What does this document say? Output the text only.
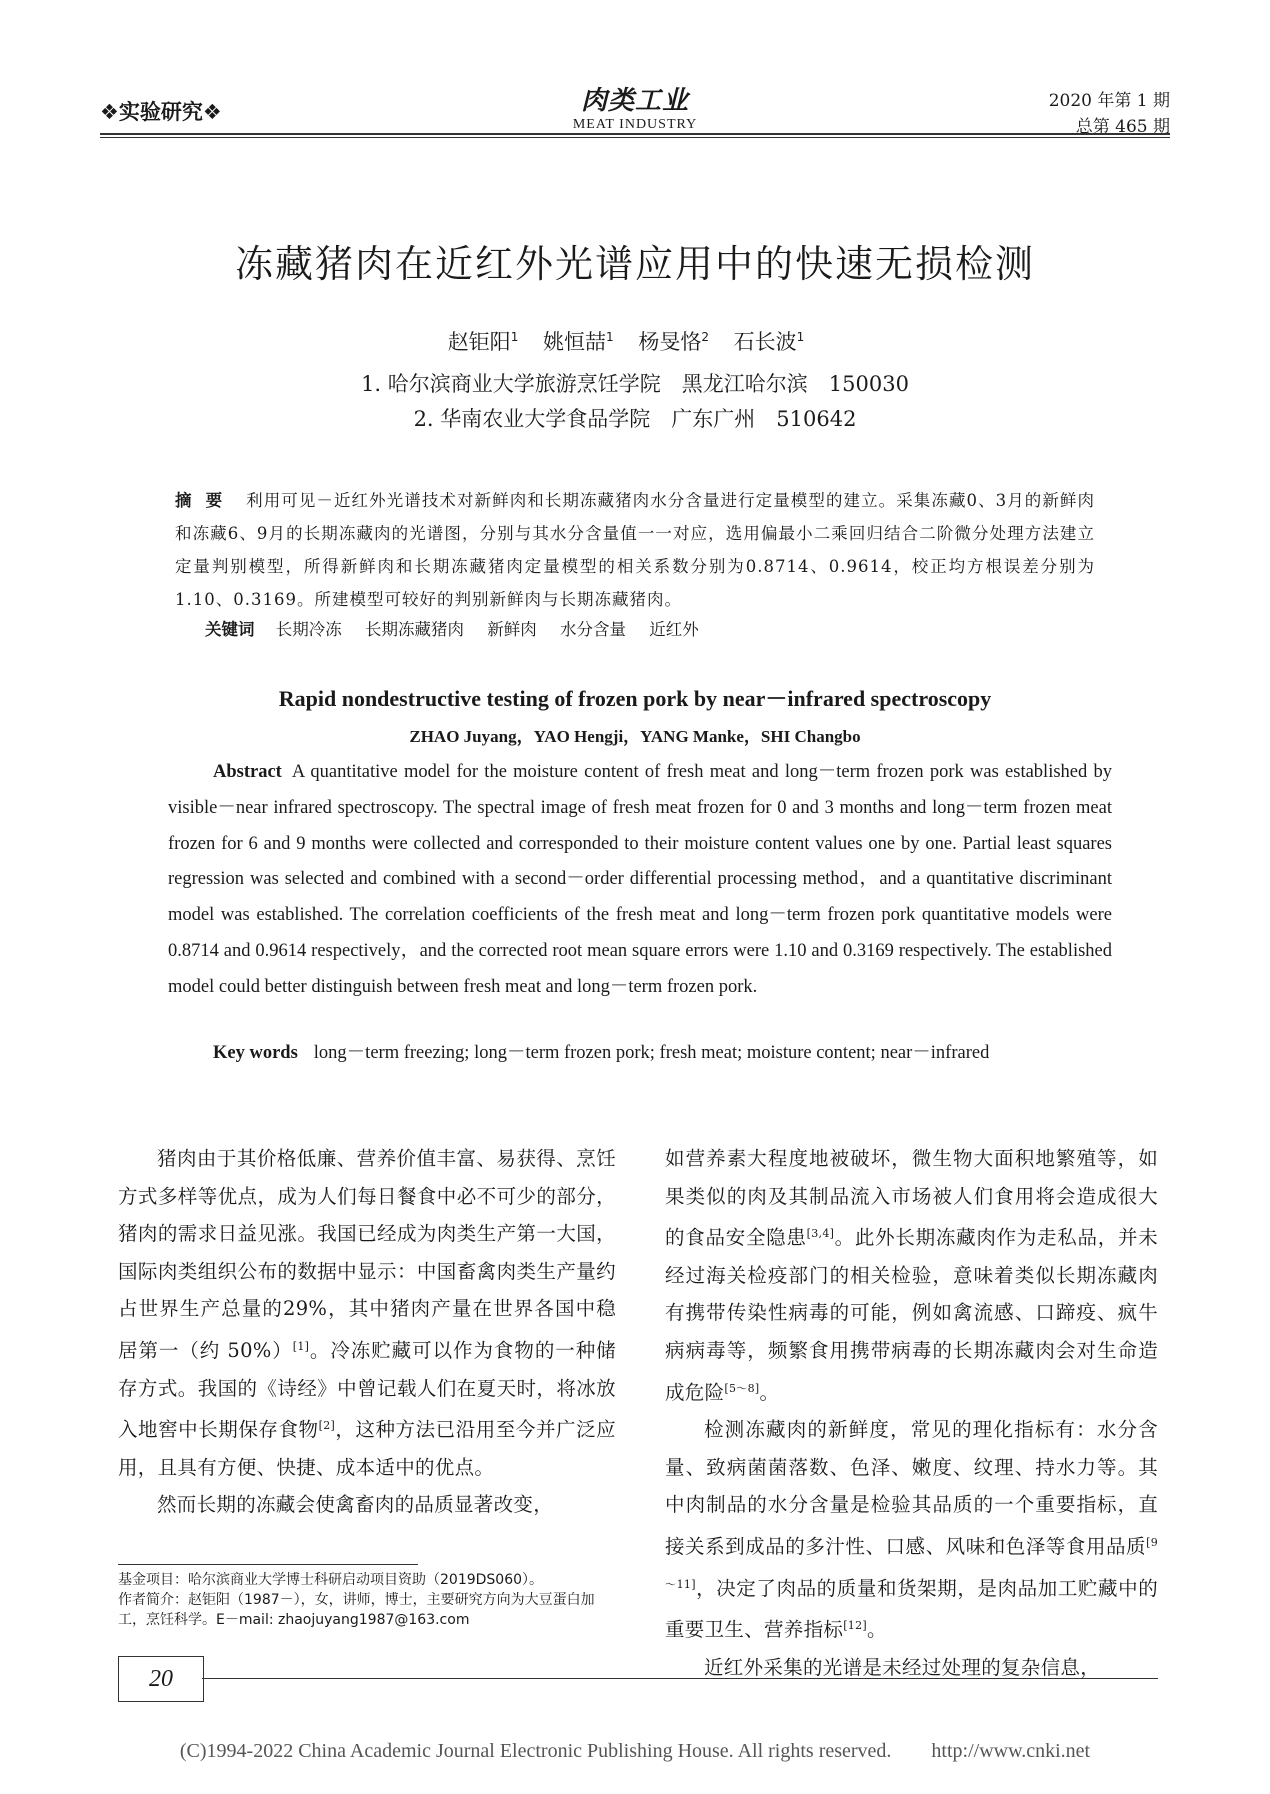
❖实验研究❖	肉类工业
MEAT INDUSTRY
2020 年第 1 期
总第 465 期
冻藏猪肉在近红外光谱应用中的快速无损检测
赵钜阳$^1$ 姚恒喆$^1$ 杨旻恪$^2$ 石长波$^1$
1. 哈尔滨商业大学旅游烹饪学院　黑龙江哈尔滨　150030
2. 华南农业大学食品学院　广东广州　510642
摘要 利用可见－近红外光谱技术对新鲜肉和长期冻藏猪肉水分含量进行定量模型的建立。采集冻藏0、3月的新鲜肉和冻藏6、9月的长期冻藏肉的光谱图，分别与其水分含量值一一对应，选用偏最小二乘回归结合二阶微分处理方法建立定量判别模型，所得新鲜肉和长期冻藏猪肉定量模型的相关系数分别为0.8714、0.9614，校正均方根误差分别为1.10、0.3169。所建模型可较好的判别新鲜肉与长期冻藏猪肉。
关键词 长期冷冻 长期冻藏猪肉 新鲜肉 水分含量 近红外
Rapid nondestructive testing of frozen pork by near－infrared spectroscopy
ZHAO Juyang，YAO Hengji，YANG Manke，SHI Changbo
Abstract A quantitative model for the moisture content of fresh meat and long－term frozen pork was established by visible－near infrared spectroscopy. The spectral image of fresh meat frozen for 0 and 3 months and long－term frozen meat frozen for 6 and 9 months were collected and corresponded to their moisture content values one by one. Partial least squares regression was selected and combined with a second－order differential processing method，and a quantitative discriminant model was established. The correlation coefficients of the fresh meat and long－term frozen pork quantitative models were 0.8714 and 0.9614 respectively，and the corrected root mean square errors were 1.10 and 0.3169 respectively. The established model could better distinguish between fresh meat and long－term frozen pork.
Key words long－term freezing; long－term frozen pork; fresh meat; moisture content; near－infrared

猪肉由于其价格低廉、营养价值丰富、易获得、烹饪方式多样等优点，成为人们每日餐食中必不可少的部分，猪肉的需求日益见涨。我国已经成为肉类生产第一大国，国际肉类组织公布的数据中显示：中国畜禽肉类生产量约占世界生产总量的29%，其中猪肉产量在世界各国中稳居第一（约 50%）[1]。冷冻贮藏可以作为食物的一种储存方式。我国的《诗经》中曾记载人们在夏天时，将冰放入地窖中长期保存食物[2]，这种方法已沿用至今并广泛应用，且具有方便、快捷、成本适中的优点。

然而长期的冻藏会使禽畜肉的品质显著改变，

如营养素大程度地被破坏，微生物大面积地繁殖等，如果类似的肉及其制品流入市场被人们食用将会造成很大的食品安全隐患[3,4]。此外长期冻藏肉作为走私品，并未经过海关检疫部门的相关检验，意味着类似长期冻藏肉有携带传染性病毒的可能，例如禽流感、口蹄疫、疯牛病病毒等，频繁食用携带病毒的长期冻藏肉会对生命造成危险[5～8]。

检测冻藏肉的新鲜度，常见的理化指标有：水分含量、致病菌菌落数、色泽、嫩度、纹理、持水力等。其中肉制品的水分含量是检验其品质的一个重要指标，直接关系到成品的多汁性、口感、风味和色泽等食用品质[9～11]，决定了肉品的质量和货架期，是肉品加工贮藏中的重要卫生、营养指标[12]。

近红外采集的光谱是未经过处理的复杂信息，

基金项目：哈尔滨商业大学博士科研启动项目资助（2019DS060）。
作者简介：赵钜阳（1987－），女，讲师，博士，主要研究方向为大豆蛋白加工，烹饪科学。E－mail: zhaojuyang1987@163.com
20
(C)1994-2022 China Academic Journal Electronic Publishing House. All rights reserved.　　http://www.cnki.net
